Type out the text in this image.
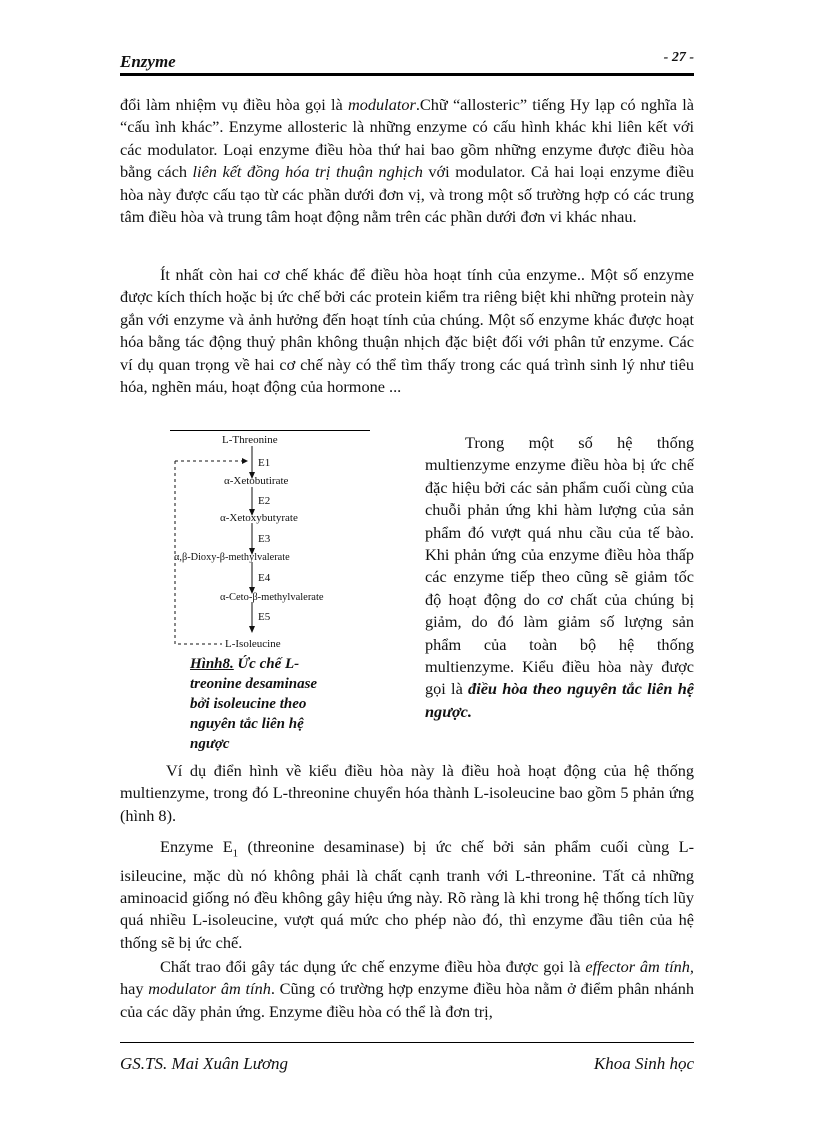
Enzyme	- 27 -

đổi làm nhiệm vụ điều hòa gọi là modulator.Chữ “allosteric” tiếng Hy lạp có nghĩa là “cấu ình khác”. Enzyme allosteric là những enzyme có cấu hình khác khi liên kết với các modulator. Loại enzyme điều hòa thứ hai bao gồm những enzyme được điều hòa bằng cách liên kết đồng hóa trị thuận nghịch với modulator. Cả hai loại enzyme điều hòa này được cấu tạo từ các phần dưới đơn vị, và trong một số trường hợp có các trung tâm điều hòa và trung tâm hoạt động nằm trên các phần dưới đơn vi khác nhau.

Ít nhất còn hai cơ chế khác để điều hòa hoạt tính của enzyme.. Một số enzyme được kích thích hoặc bị ức chế bởi các protein kiểm tra riêng biệt khi những protein này gắn với enzyme và ảnh hưởng đến hoạt tính của chúng. Một số enzyme khác được hoạt hóa bằng tác động thuỷ phân không thuận nhịch đặc biệt đối với phân tử enzyme. Các ví dụ quan trọng về hai cơ chế này có thể tìm thấy trong các quá trình sinh lý như tiêu hóa, nghẽn máu, hoạt động của hormone ...

L-Threonine
α-Xetobutirate
α-Xetoxybutyrate
α,β-Dioxy-β-methylvalerate
α-Ceto-β-methylvalerate
L-Isoleucine
E1
E2
E3
E4
E5
Hình8. Ức chế L-treonine desaminase bởi isoleucine theo nguyên tắc liên hệ ngược

Trong một số hệ thống multienzyme enzyme điều hòa bị ức chế đặc hiệu bởi các sản phẩm cuối cùng của chuỗi phản ứng khi hàm lượng của sản phẩm đó vượt quá nhu cầu của tế bào. Khi phản ứng của enzyme điều hòa thấp các enzyme tiếp theo cũng sẽ giảm tốc độ hoạt động do cơ chất của chúng bị giảm, do đó làm giảm số lượng sản phẩm của toàn bộ hệ thống multienzyme. Kiểu điều hòa này được gọi là điều hòa theo nguyên tắc liên hệ ngược.

Ví dụ điển hình về kiểu điều hòa này là điều hoà hoạt động của hệ thống multienzyme, trong đó L-threonine chuyển hóa thành L-isoleucine bao gồm 5 phản ứng (hình 8).

Enzyme $E_1$ (threonine desaminase) bị ức chế bởi sản phẩm cuối cùng L-isileucine, mặc dù nó không phải là chất cạnh tranh với L-threonine. Tất cả những aminoacid giống nó đều không gây hiệu ứng này. Rõ ràng là khi trong hệ thống tích lũy quá nhiều L-isoleucine, vượt quá mức cho phép nào đó, thì enzyme đầu tiên của hệ thống sẽ bị ức chế.

Chất trao đổi gây tác dụng ức chế enzyme điều hòa được gọi là effector âm tính, hay modulator âm tính. Cũng có trường hợp enzyme điều hòa nằm ở điểm phân nhánh của các dãy phản ứng. Enzyme điều hòa có thể là đơn trị,

GS.TS. Mai Xuân Lương	Khoa Sinh học
